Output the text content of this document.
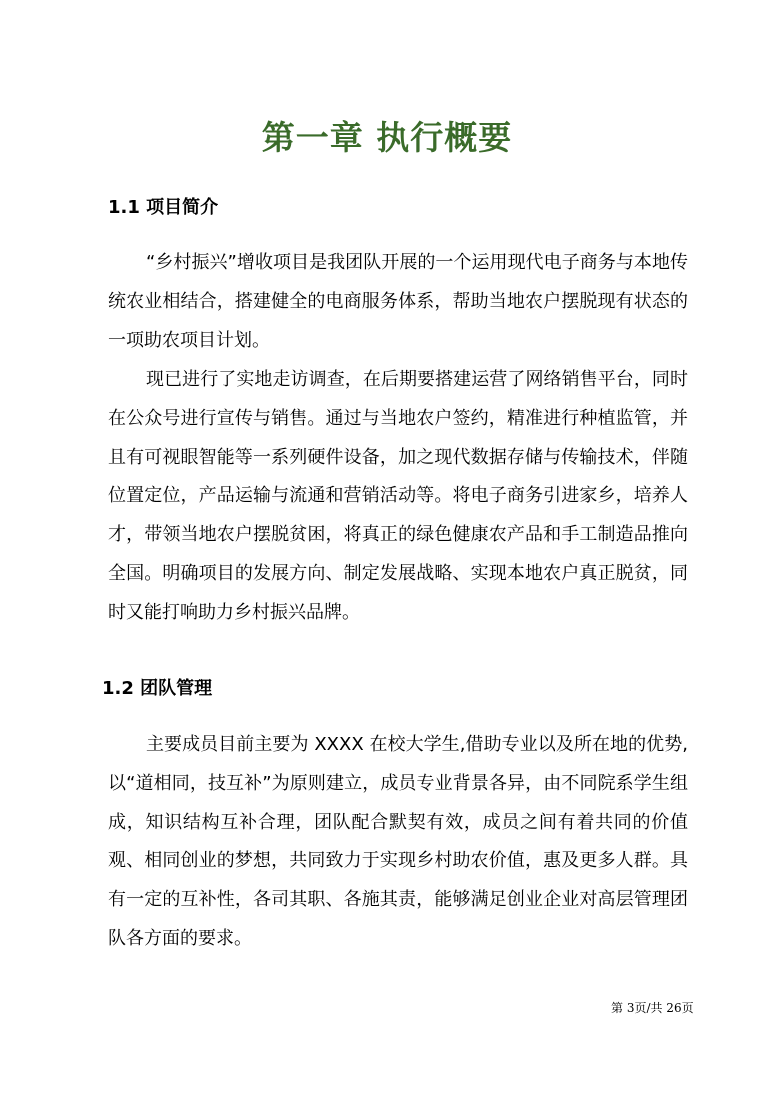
第一章 执行概要
1.1 项目简介

“乡村振兴”增收项目是我团队开展的一个运用现代电子商务与本地传统农业相结合，搭建健全的电商服务体系，帮助当地农户摆脱现有状态的一项助农项目计划。

现已进行了实地走访调查，在后期要搭建运营了网络销售平台，同时在公众号进行宣传与销售。通过与当地农户签约，精准进行种植监管，并且有可视眼智能等一系列硬件设备，加之现代数据存储与传输技术，伴随位置定位，产品运输与流通和营销活动等。将电子商务引进家乡，培养人才，带领当地农户摆脱贫困，将真正的绿色健康农产品和手工制造品推向全国。明确项目的发展方向、制定发展战略、实现本地农户真正脱贫，同时又能打响助力乡村振兴品牌。

1.2 团队管理

主要成员目前主要为 XXXX 在校大学生,借助专业以及所在地的优势,以“道相同，技互补”为原则建立，成员专业背景各异，由不同院系学生组成，知识结构互补合理，团队配合默契有效，成员之间有着共同的价值观、相同创业的梦想，共同致力于实现乡村助农价值，惠及更多人群。具有一定的互补性，各司其职、各施其责，能够满足创业企业对高层管理团队各方面的要求。

第 3页/共 26页
